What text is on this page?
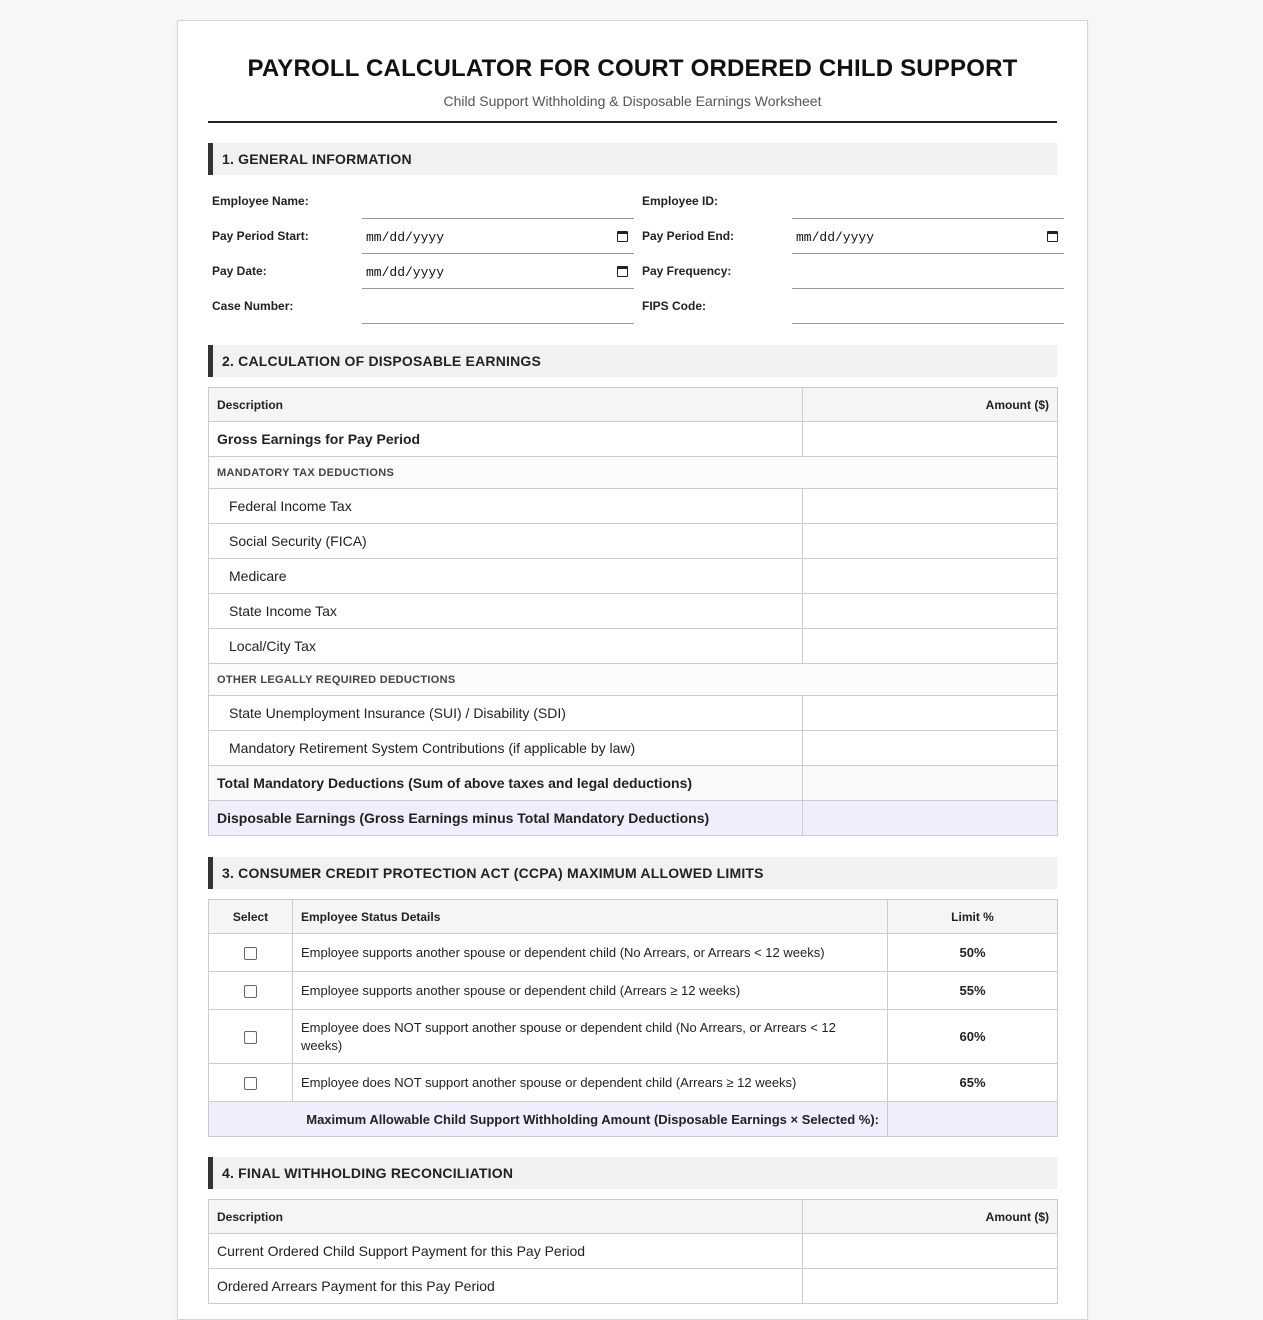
PAYROLL CALCULATOR FOR COURT ORDERED CHILD SUPPORT
Child Support Withholding & Disposable Earnings Worksheet
1. GENERAL INFORMATION
Employee Name:	Employee ID:
Pay Period Start:	mm/dd/yyyy	Pay Period End:	mm/dd/yyyy
Pay Date:	mm/dd/yyyy	Pay Frequency:
Case Number:	FIPS Code:
2. CALCULATION OF DISPOSABLE EARNINGS
Description	Amount ($)
Gross Earnings for Pay Period	
MANDATORY TAX DEDUCTIONS	
Federal Income Tax	
Social Security (FICA)	
Medicare	
State Income Tax	
Local/City Tax	
OTHER LEGALLY REQUIRED DEDUCTIONS	
State Unemployment Insurance (SUI) / Disability (SDI)	
Mandatory Retirement System Contributions (if applicable by law)	
Total Mandatory Deductions (Sum of above taxes and legal deductions)	
Disposable Earnings (Gross Earnings minus Total Mandatory Deductions)	
3. CONSUMER CREDIT PROTECTION ACT (CCPA) MAXIMUM ALLOWED LIMITS
Select	Employee Status Details	Limit %
	Employee supports another spouse or dependent child (No Arrears, or Arrears < 12 weeks)	50%
	Employee supports another spouse or dependent child (Arrears ≥ 12 weeks)	55%
	Employee does NOT support another spouse or dependent child (No Arrears, or Arrears < 12 weeks)	60%
	Employee does NOT support another spouse or dependent child (Arrears ≥ 12 weeks)	65%
Maximum Allowable Child Support Withholding Amount (Disposable Earnings × Selected %):		
4. FINAL WITHHOLDING RECONCILIATION
Description	Amount ($)
Current Ordered Child Support Payment for this Pay Period	
Ordered Arrears Payment for this Pay Period	
